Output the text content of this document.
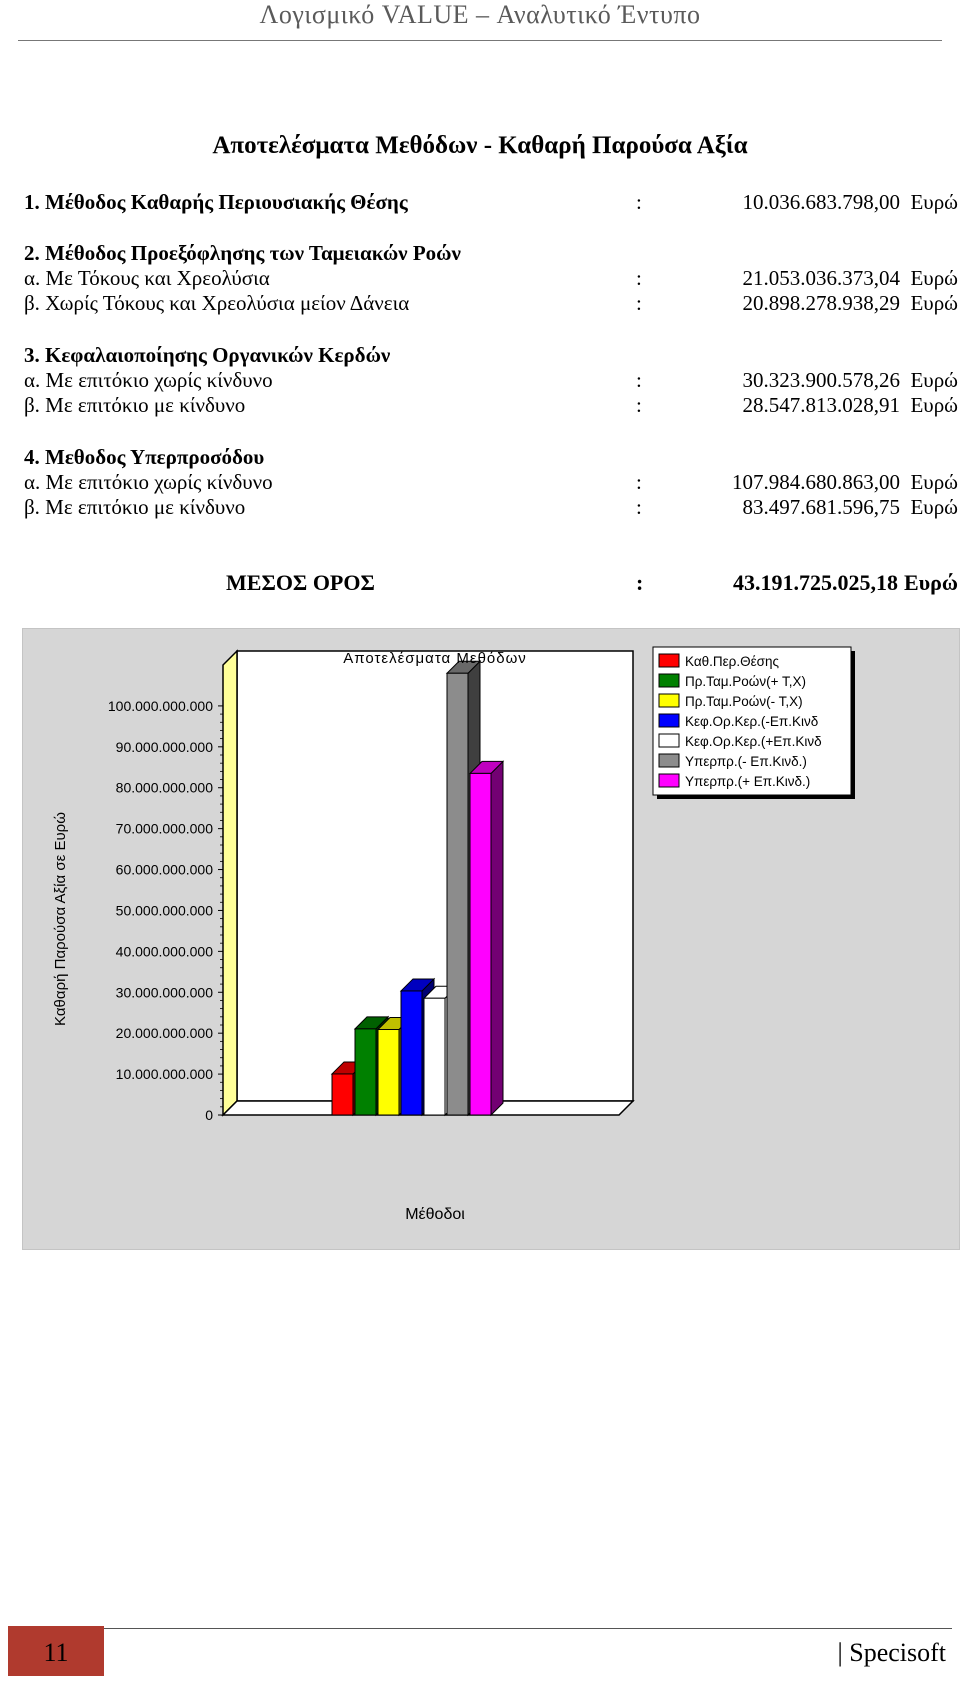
Λογισμικό VALUE – Αναλυτικό Έντυπο
Αποτελέσματα Μεθόδων - Καθαρή Παρούσα Αξία
1. Μέθοδος Καθαρής Περιουσιακής Θέσης	:	10.036.683.798,00 Ευρώ
2. Μέθοδος Προεξόφλησης των Ταμειακών Ροών
α. Με Τόκους και Χρεολύσια	:	21.053.036.373,04 Ευρώ
β. Χωρίς Τόκους και Χρεολύσια μείον Δάνεια	:	20.898.278.938,29 Ευρώ
3. Κεφαλαιοποίησης Οργανικών Κερδών
α. Με επιτόκιο χωρίς κίνδυνο	:	30.323.900.578,26 Ευρώ
β. Με επιτόκιο με κίνδυνο	:	28.547.813.028,91 Ευρώ
4. Μεθοδος Υπερπροσόδου
α. Με επιτόκιο χωρίς κίνδυνο	:	107.984.680.863,00 Ευρώ
β. Με επιτόκιο με κίνδυνο	:	83.497.681.596,75 Ευρώ
ΜΕΣΟΣ ΟΡΟΣ	:	43.191.725.025,18 Ευρώ
0
10.000.000.000
20.000.000.000
30.000.000.000
40.000.000.000
50.000.000.000
60.000.000.000
70.000.000.000
80.000.000.000
90.000.000.000
100.000.000.000
Αποτελέσματα Μεθόδων
Μέθοδοι
Καθαρή Παρούσα Αξία σε Ευρώ
Καθ.Περ.Θέσης
Πρ.Ταμ.Ροών(+ Τ,Χ)
Πρ.Ταμ.Ροών(- Τ,Χ)
Κεφ.Ορ.Κερ.(-Επ.Κινδ
Κεφ.Ορ.Κερ.(+Επ.Κινδ
Υπερπρ.(- Επ.Κινδ.)
Υπερπρ.(+ Επ.Κινδ.)
11	| Specisoft
